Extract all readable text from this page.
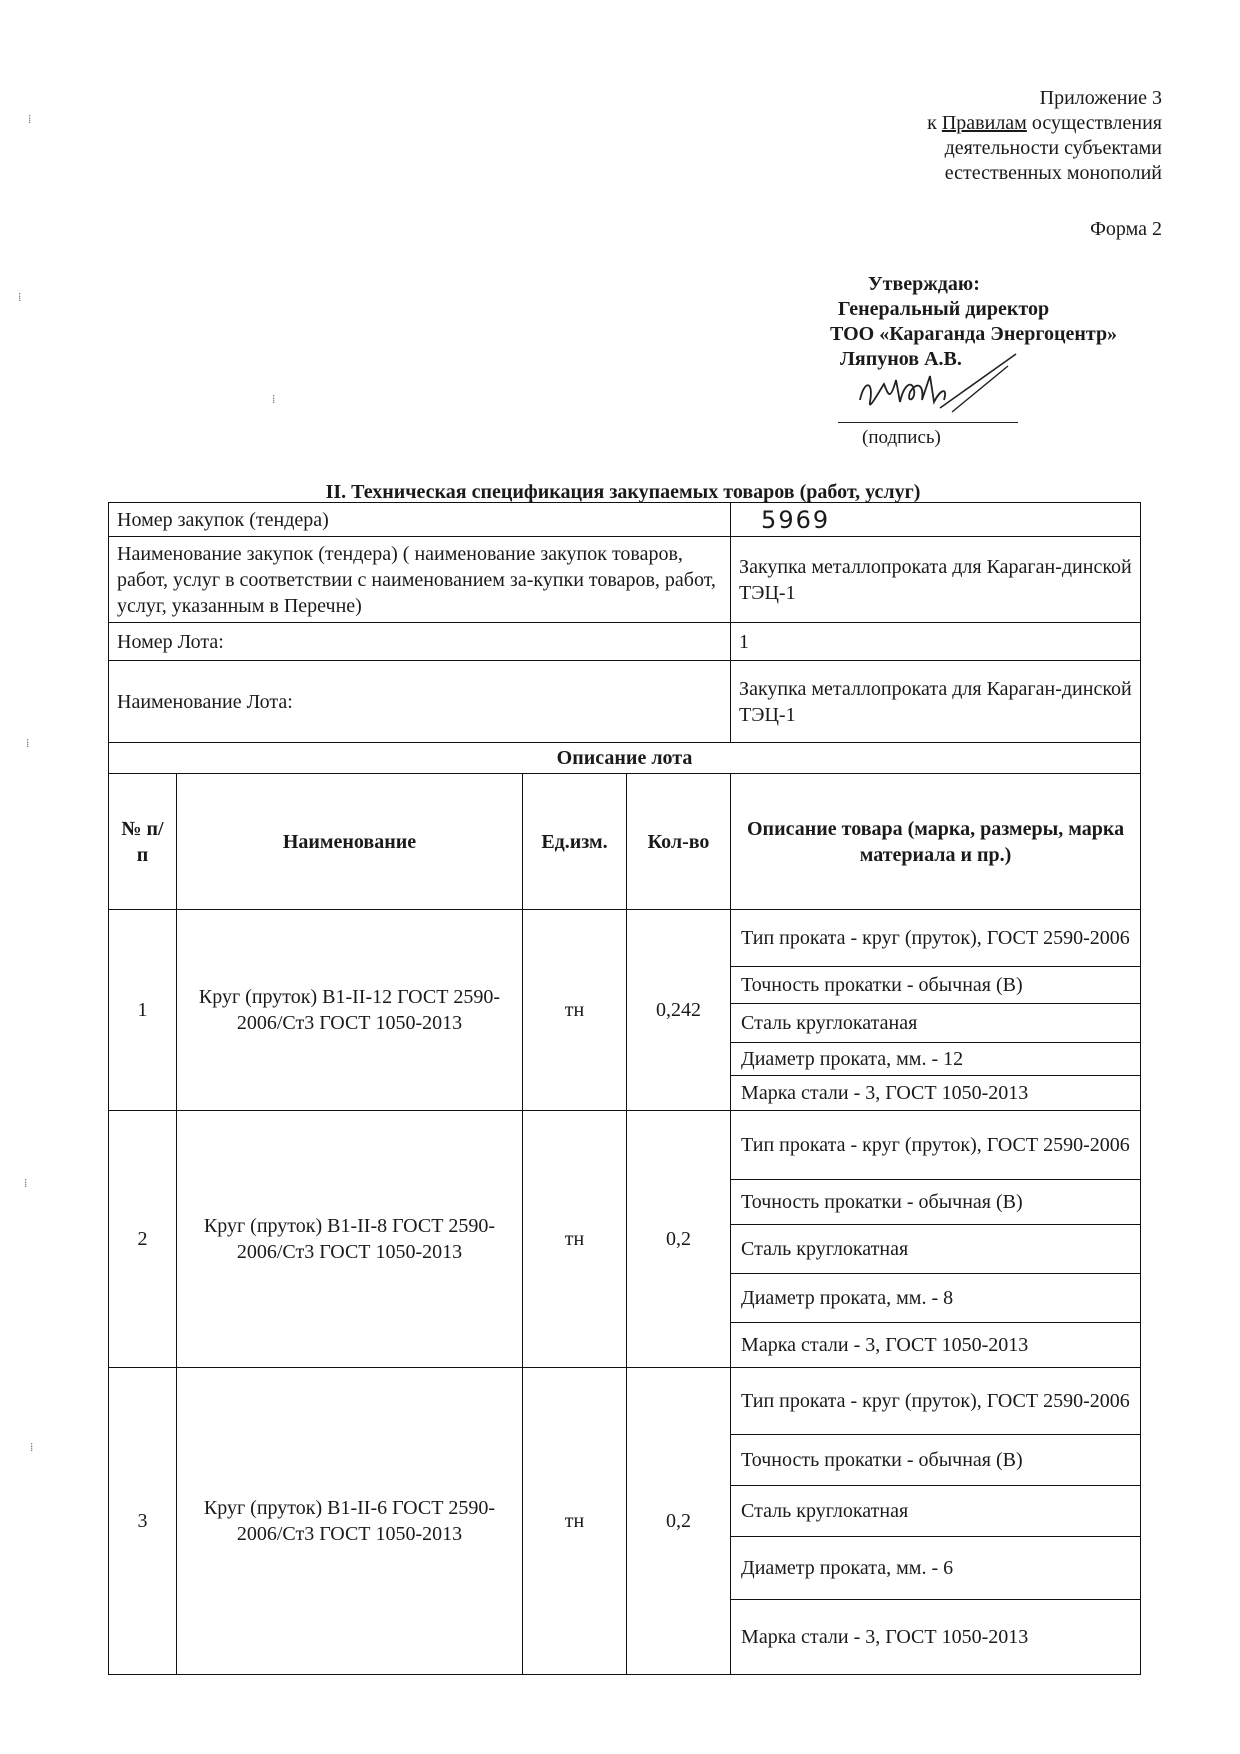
Приложение 3
к Правилам осуществления
деятельности субъектами
естественных монополий
Форма 2
Утверждаю:
Генеральный директор
ТОО «Караганда Энергоцентр»
Ляпунов А.В.
(подпись)
II. Техническая спецификация закупаемых товаров (работ, услуг)
Номер закупок (тендера)				5969
Наименование закупок (тендера) ( наименование закупок товаров, работ, услуг в соответствии с наименованием за-купки товаров, работ, услуг, указанным в Перечне)				Закупка металлопроката для Караган-динской ТЭЦ-1
Номер Лота:				1
Наименование Лота:				Закупка металлопроката для Караган-динской ТЭЦ-1
Описание лота				
№ п/п	Наименование	Ед.изм.	Кол-во	Описание товара (марка, размеры, марка материала и пр.)
1	Круг (пруток) В1-II-12 ГОСТ 2590-2006/Ст3 ГОСТ 1050-2013	тн	0,242	Тип проката - круг (пруток), ГОСТ 2590-2006
Точность прокатки - обычная (В)
Сталь круглокатаная
Диаметр проката, мм. - 12
Марка стали - 3, ГОСТ 1050-2013

2	Круг (пруток) В1-II-8 ГОСТ 2590-2006/Ст3 ГОСТ 1050-2013	тн	0,2	Тип проката - круг (пруток), ГОСТ 2590-2006
Точность прокатки - обычная (В)
Сталь круглокатная
Диаметр проката, мм. - 8
Марка стали - 3, ГОСТ 1050-2013

3	Круг (пруток) В1-II-6 ГОСТ 2590-2006/Ст3 ГОСТ 1050-2013	тн	0,2	Тип проката - круг (пруток), ГОСТ 2590-2006
Точность прокатки - обычная (В)
Сталь круглокатная
Диаметр проката, мм. - 6
Марка стали - 3, ГОСТ 1050-2013
⁞
⁞
⁞
⁞
⁞
⁞
